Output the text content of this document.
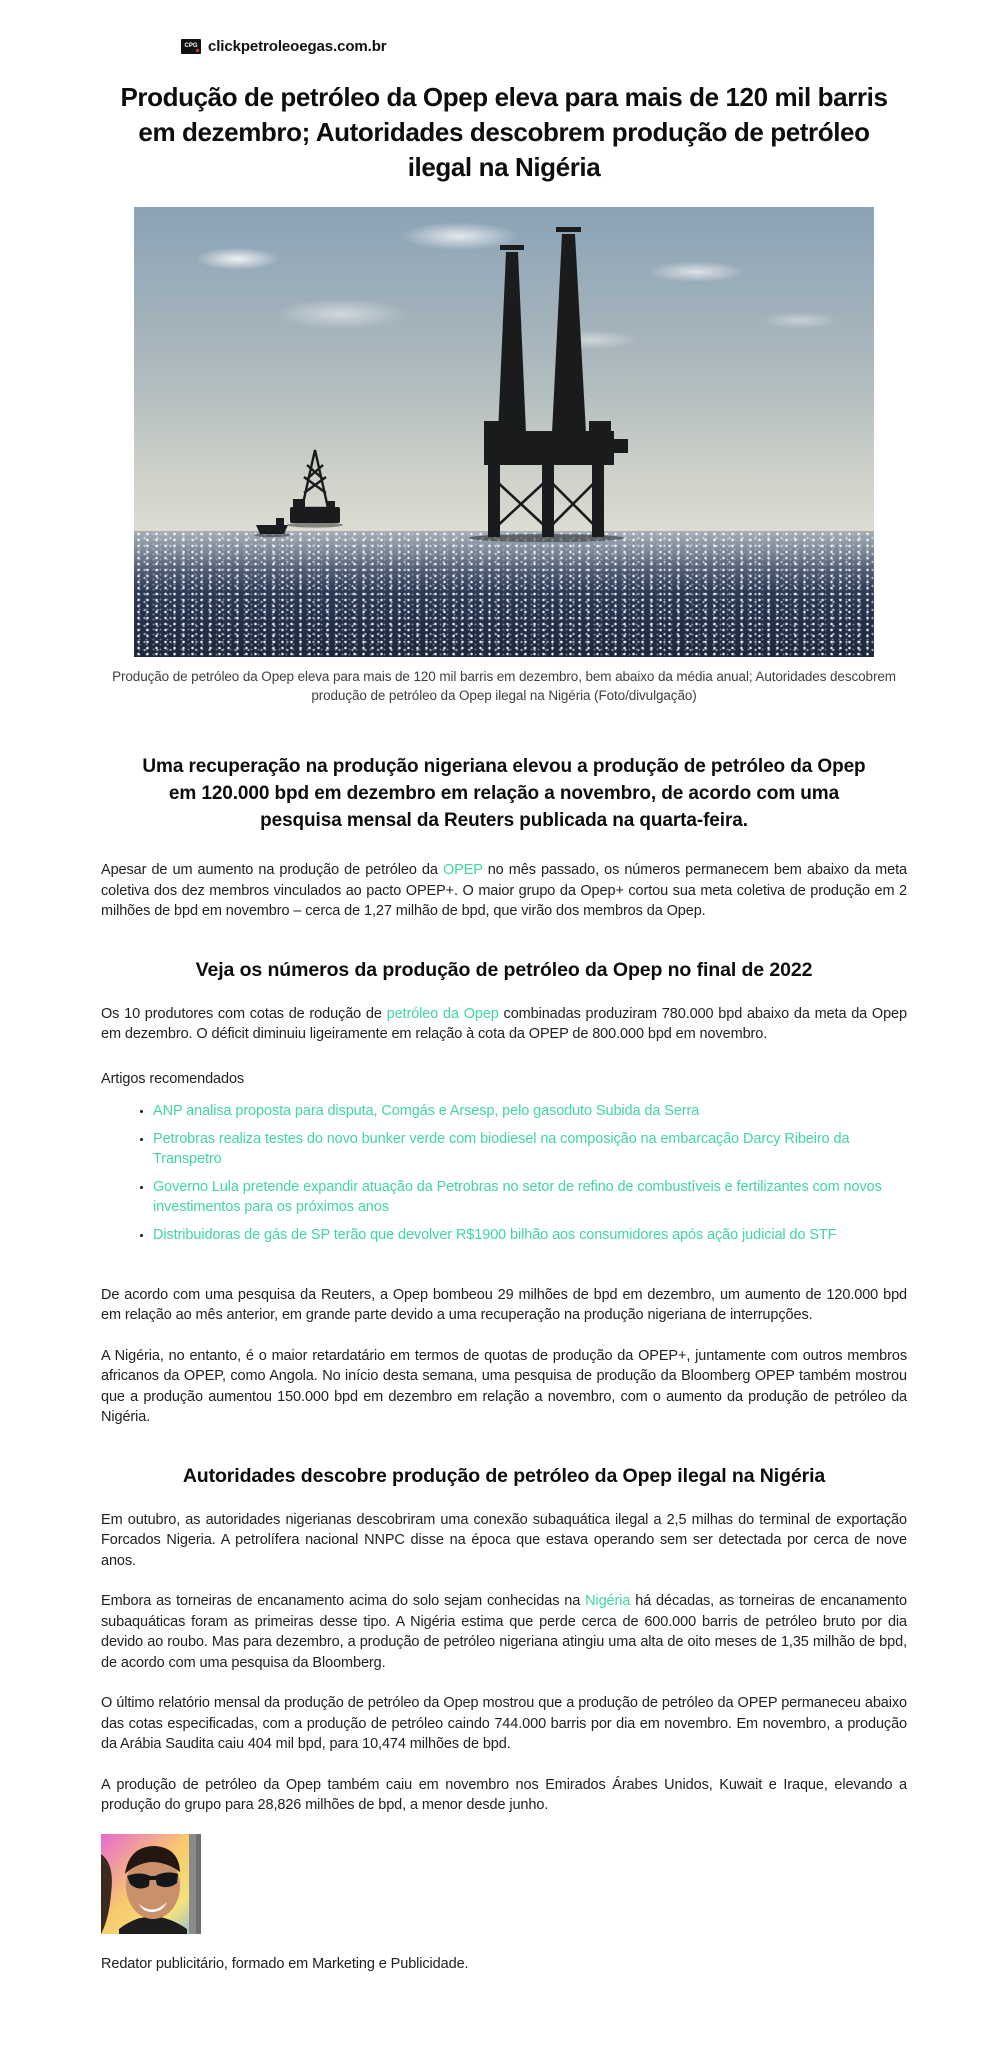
CPG clickpetroleoegas.com.br
Produção de petróleo da Opep eleva para mais de 120 mil barris em dezembro; Autoridades descobrem produção de petróleo ilegal na Nigéria
Produção de petróleo da Opep eleva para mais de 120 mil barris em dezembro, bem abaixo da média anual; Autoridades descobrem produção de petróleo da Opep ilegal na Nigéria (Foto/divulgação)
Uma recuperação na produção nigeriana elevou a produção de petróleo da Opep em 120.000 bpd em dezembro em relação a novembro, de acordo com uma pesquisa mensal da Reuters publicada na quarta-feira.

Apesar de um aumento na produção de petróleo da OPEP no mês passado, os números permanecem bem abaixo da meta coletiva dos dez membros vinculados ao pacto OPEP+. O maior grupo da Opep+ cortou sua meta coletiva de produção em 2 milhões de bpd em novembro – cerca de 1,27 milhão de bpd, que virão dos membros da Opep.

Veja os números da produção de petróleo da Opep no final de 2022

Os 10 produtores com cotas de rodução de petróleo da Opep combinadas produziram 780.000 bpd abaixo da meta da Opep em dezembro. O déficit diminuiu ligeiramente em relação à cota da OPEP de 800.000 bpd em novembro.

Artigos recomendados

• ANP analisa proposta para disputa, Comgás e Arsesp, pelo gasoduto Subida da Serra
• Petrobras realiza testes do novo bunker verde com biodiesel na composição na embarcação Darcy Ribeiro da Transpetro
• Governo Lula pretende expandir atuação da Petrobras no setor de refino de combustíveis e fertilizantes com novos investimentos para os próximos anos
• Distribuidoras de gás de SP terão que devolver R$1900 bilhão aos consumidores após ação judicial do STF

De acordo com uma pesquisa da Reuters, a Opep bombeou 29 milhões de bpd em dezembro, um aumento de 120.000 bpd em relação ao mês anterior, em grande parte devido a uma recuperação na produção nigeriana de interrupções.

A Nigéria, no entanto, é o maior retardatário em termos de quotas de produção da OPEP+, juntamente com outros membros africanos da OPEP, como Angola. No início desta semana, uma pesquisa de produção da Bloomberg OPEP também mostrou que a produção aumentou 150.000 bpd em dezembro em relação a novembro, com o aumento da produção de petróleo da Nigéria.

Autoridades descobre produção de petróleo da Opep ilegal na Nigéria

Em outubro, as autoridades nigerianas descobriram uma conexão subaquática ilegal a 2,5 milhas do terminal de exportação Forcados Nigeria. A petrolífera nacional NNPC disse na época que estava operando sem ser detectada por cerca de nove anos.

Embora as torneiras de encanamento acima do solo sejam conhecidas na Nigéria há décadas, as torneiras de encanamento subaquáticas foram as primeiras desse tipo. A Nigéria estima que perde cerca de 600.000 barris de petróleo bruto por dia devido ao roubo. Mas para dezembro, a produção de petróleo nigeriana atingiu uma alta de oito meses de 1,35 milhão de bpd, de acordo com uma pesquisa da Bloomberg.

O último relatório mensal da produção de petróleo da Opep mostrou que a produção de petróleo da OPEP permaneceu abaixo das cotas especificadas, com a produção de petróleo caindo 744.000 barris por dia em novembro. Em novembro, a produção da Arábia Saudita caiu 404 mil bpd, para 10,474 milhões de bpd.

A produção de petróleo da Opep também caiu em novembro nos Emirados Árabes Unidos, Kuwait e Iraque, elevando a produção do grupo para 28,826 milhões de bpd, a menor desde junho.

Redator publicitário, formado em Marketing e Publicidade.
